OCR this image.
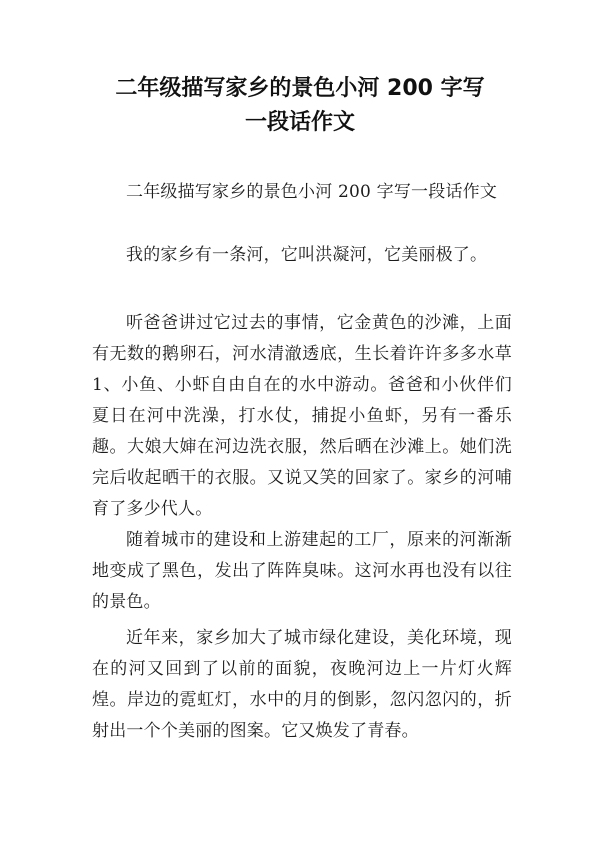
二年级描写家乡的景色小河 200 字写
一段话作文

二年级描写家乡的景色小河 200 字写一段话作文

我的家乡有一条河，它叫洪凝河，它美丽极了。

听爸爸讲过它过去的事情，它金黄色的沙滩，上面有无数的鹅卵石，河水清澈透底，生长着许许多多水草1、小鱼、小虾自由自在的水中游动。爸爸和小伙伴们夏日在河中洗澡，打水仗，捕捉小鱼虾，另有一番乐趣。大娘大婶在河边洗衣服，然后晒在沙滩上。她们洗完后收起晒干的衣服。又说又笑的回家了。家乡的河哺育了多少代人。

随着城市的建设和上游建起的工厂，原来的河渐渐地变成了黑色，发出了阵阵臭味。这河水再也没有以往的景色。

近年来，家乡加大了城市绿化建设，美化环境，现在的河又回到了以前的面貌，夜晚河边上一片灯火辉煌。岸边的霓虹灯，水中的月的倒影，忽闪忽闪的，折射出一个个美丽的图案。它又焕发了青春。
